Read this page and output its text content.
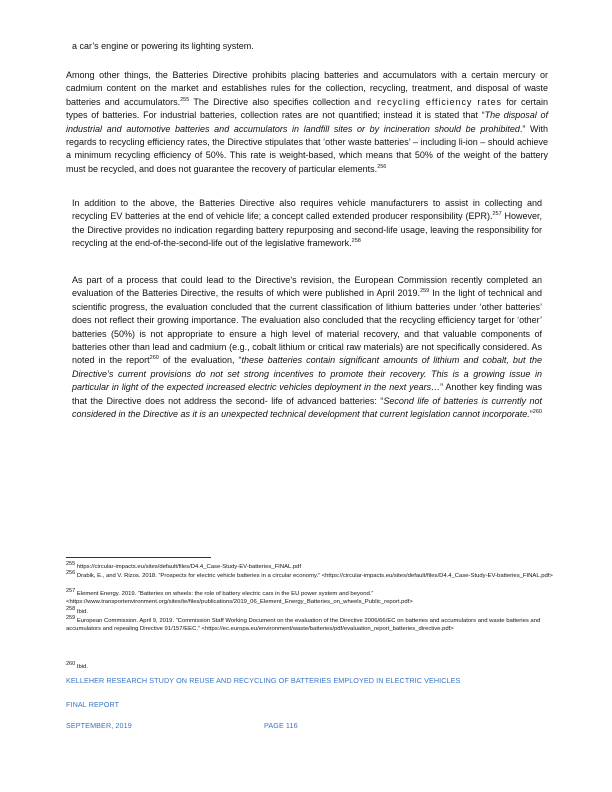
a car’s engine or powering its lighting system.

Among other things, the Batteries Directive prohibits placing batteries and accumulators with a certain mercury or cadmium content on the market and establishes rules for the collection, recycling, treatment, and disposal of waste batteries and accumulators.$^{255}$ The Directive also specifies collection and recycling efficiency rates for certain types of batteries. For industrial batteries, collection rates are not quantified; instead it is stated that “The disposal of industrial and automotive batteries and accumulators in landfill sites or by incineration should be prohibited.” With regards to recycling efficiency rates, the Directive stipulates that ‘other waste batteries’ – including li-ion – should achieve a minimum recycling efficiency of 50%. This rate is weight-based, which means that 50% of the weight of the battery must be recycled, and does not guarantee the recovery of particular elements.$^{256}$

In addition to the above, the Batteries Directive also requires vehicle manufacturers to assist in collecting and recycling EV batteries at the end of vehicle life; a concept called extended producer responsibility (EPR).$^{257}$ However, the Directive provides no indication regarding battery repurposing and second-life usage, leaving the responsibility for recycling at the end-of-the-second-life out of the legislative framework.$^{258}$

As part of a process that could lead to the Directive’s revision, the European Commission recently completed an evaluation of the Batteries Directive, the results of which were published in April 2019.$^{259}$ In the light of technical and scientific progress, the evaluation concluded that the current classification of lithium batteries under ‘other batteries’ does not reflect their growing importance. The evaluation also concluded that the recycling efficiency target for ‘other’ batteries (50%) is not appropriate to ensure a high level of material recovery, and that valuable components of batteries other than lead and cadmium (e.g., cobalt lithium or critical raw materials) are not specifically considered. As noted in the report$^{260}$ of the evaluation, “these batteries contain significant amounts of lithium and cobalt, but the Directive’s current provisions do not set strong incentives to promote their recovery. This is a growing issue in particular in light of the expected increased electric vehicles deployment in the next years…” Another key finding was that the Directive does not address the second- life of advanced batteries: “Second life of batteries is currently not considered in the Directive as it is an unexpected technical development that current legislation cannot incorporate.”$^{260}$

$^{255}$ https://circular-impacts.eu/sites/default/files/D4.4_Case-Study-EV-batteries_FINAL.pdf

$^{256}$ Drabik, E., and V. Rizos. 2018. “Prospects for electric vehicle batteries in a circular economy.” <https://circular-impacts.eu/sites/default/files/D4.4_Case-Study-EV-batteries_FINAL.pdf>

$^{257}$ Element Energy. 2019. “Batteries on wheels: the role of battery electric cars in the EU power system and beyond.” <https://www.transportenvironment.org/sites/te/files/publications/2019_06_Element_Energy_Batteries_on_wheels_Public_report.pdf>

$^{258}$ Ibid.

$^{259}$ European Commission. April 9, 2019. “Commission Staff Working Document on the evaluation of the Directive 2006/66/EC on batteries and accumulators and waste batteries and accumulators and repealing Directive 91/157/EEC.” <https://ec.europa.eu/environment/waste/batteries/pdf/evaluation_report_batteries_directive.pdf>

$^{260}$ Ibid.

KELLEHER RESEARCH STUDY ON REUSE AND RECYCLING OF BATTERIES EMPLOYED IN ELECTRIC VEHICLES

FINAL REPORT

SEPTEMBER, 2019	PAGE 116
